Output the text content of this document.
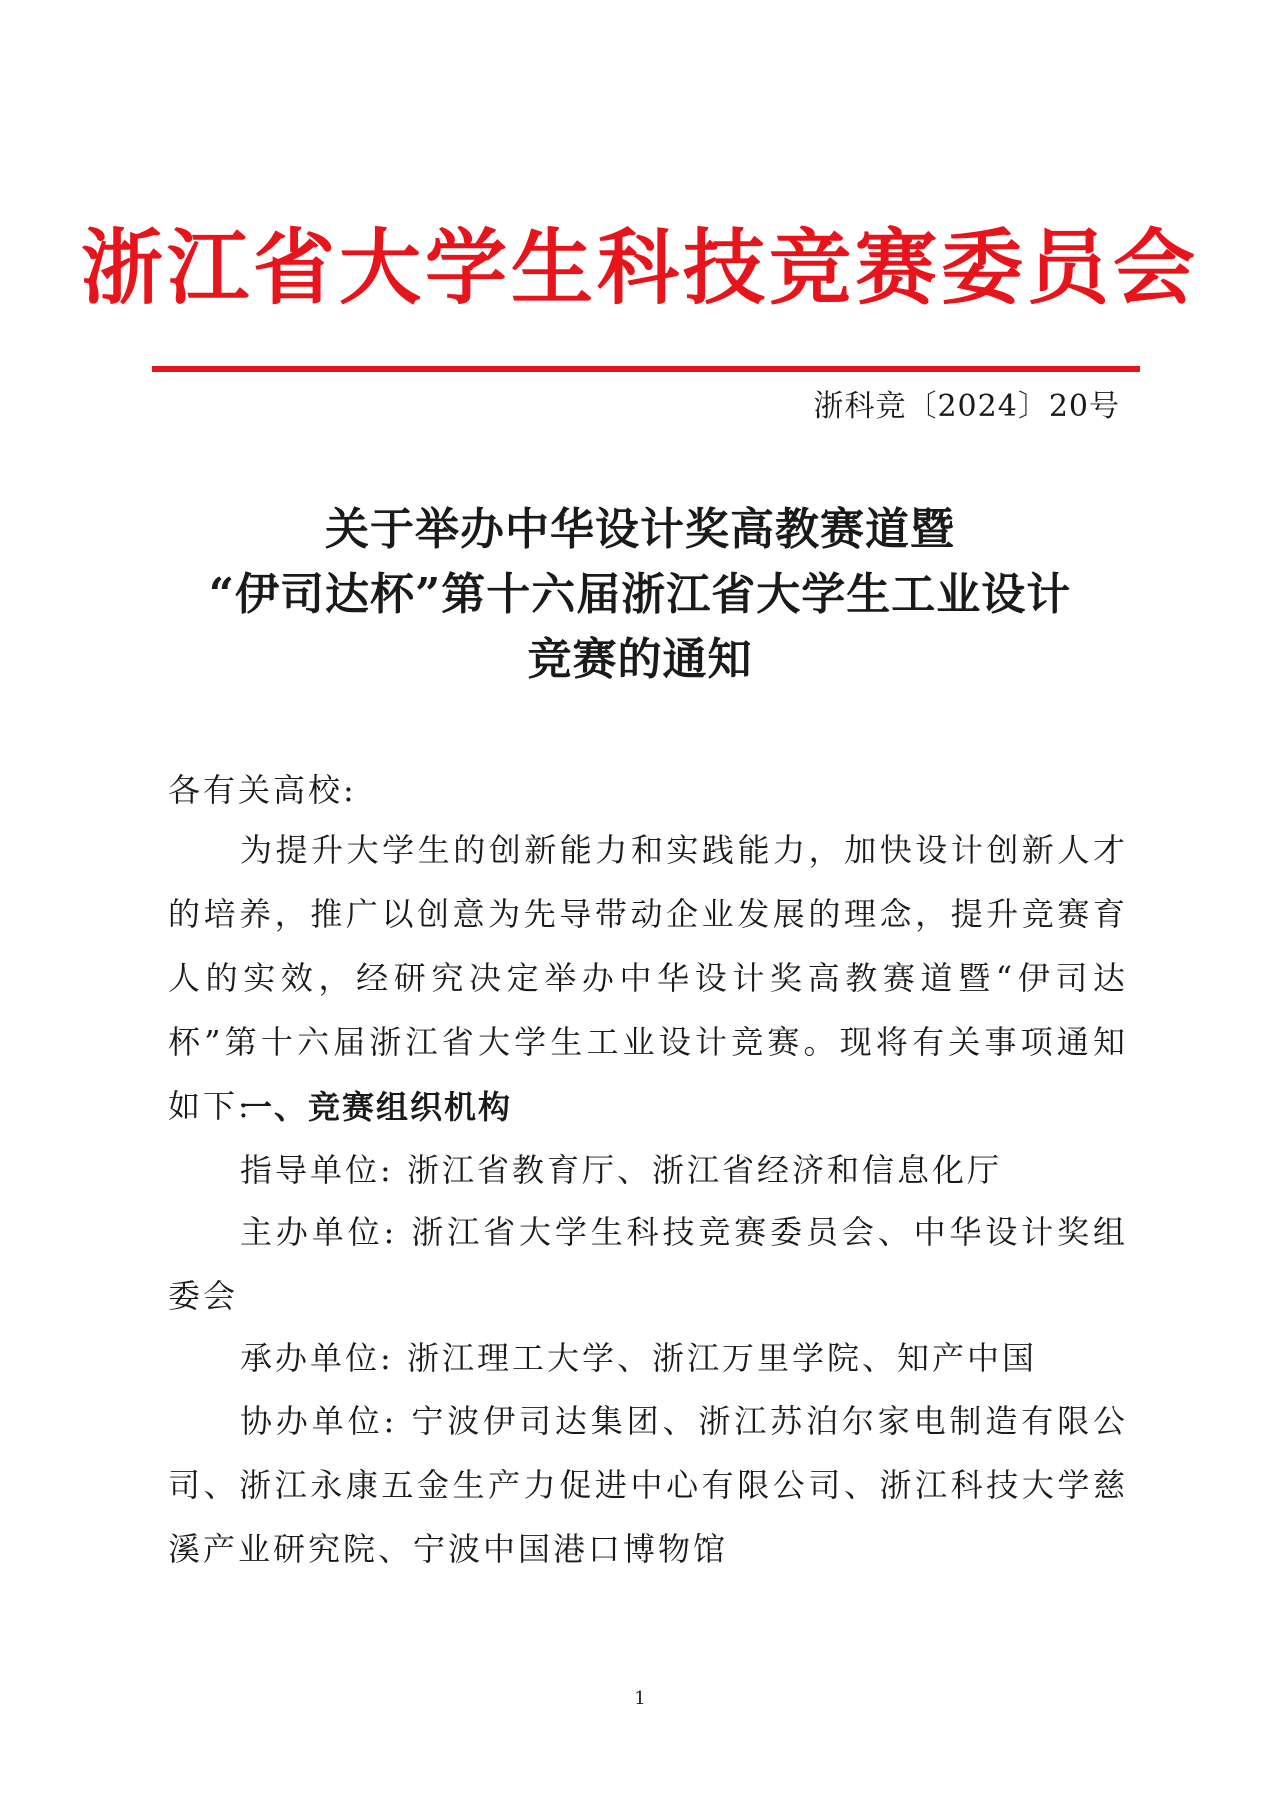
浙江省大学生科技竞赛委员会
浙科竞〔2024〕20号
关于举办中华设计奖高教赛道暨
“伊司达杯”第十六届浙江省大学生工业设计
竞赛的通知
各有关高校:
为提升大学生的创新能力和实践能力，加快设计创新人才的培养，推广以创意为先导带动企业发展的理念，提升竞赛育人的实效，经研究决定举办中华设计奖高教赛道暨“伊司达杯”第十六届浙江省大学生工业设计竞赛。现将有关事项通知如下:
一、竞赛组织机构
指导单位: 浙江省教育厅、浙江省经济和信息化厅
主办单位: 浙江省大学生科技竞赛委员会、中华设计奖组委会
承办单位: 浙江理工大学、浙江万里学院、知产中国
协办单位: 宁波伊司达集团、浙江苏泊尔家电制造有限公司、浙江永康五金生产力促进中心有限公司、浙江科技大学慈溪产业研究院、宁波中国港口博物馆
1
